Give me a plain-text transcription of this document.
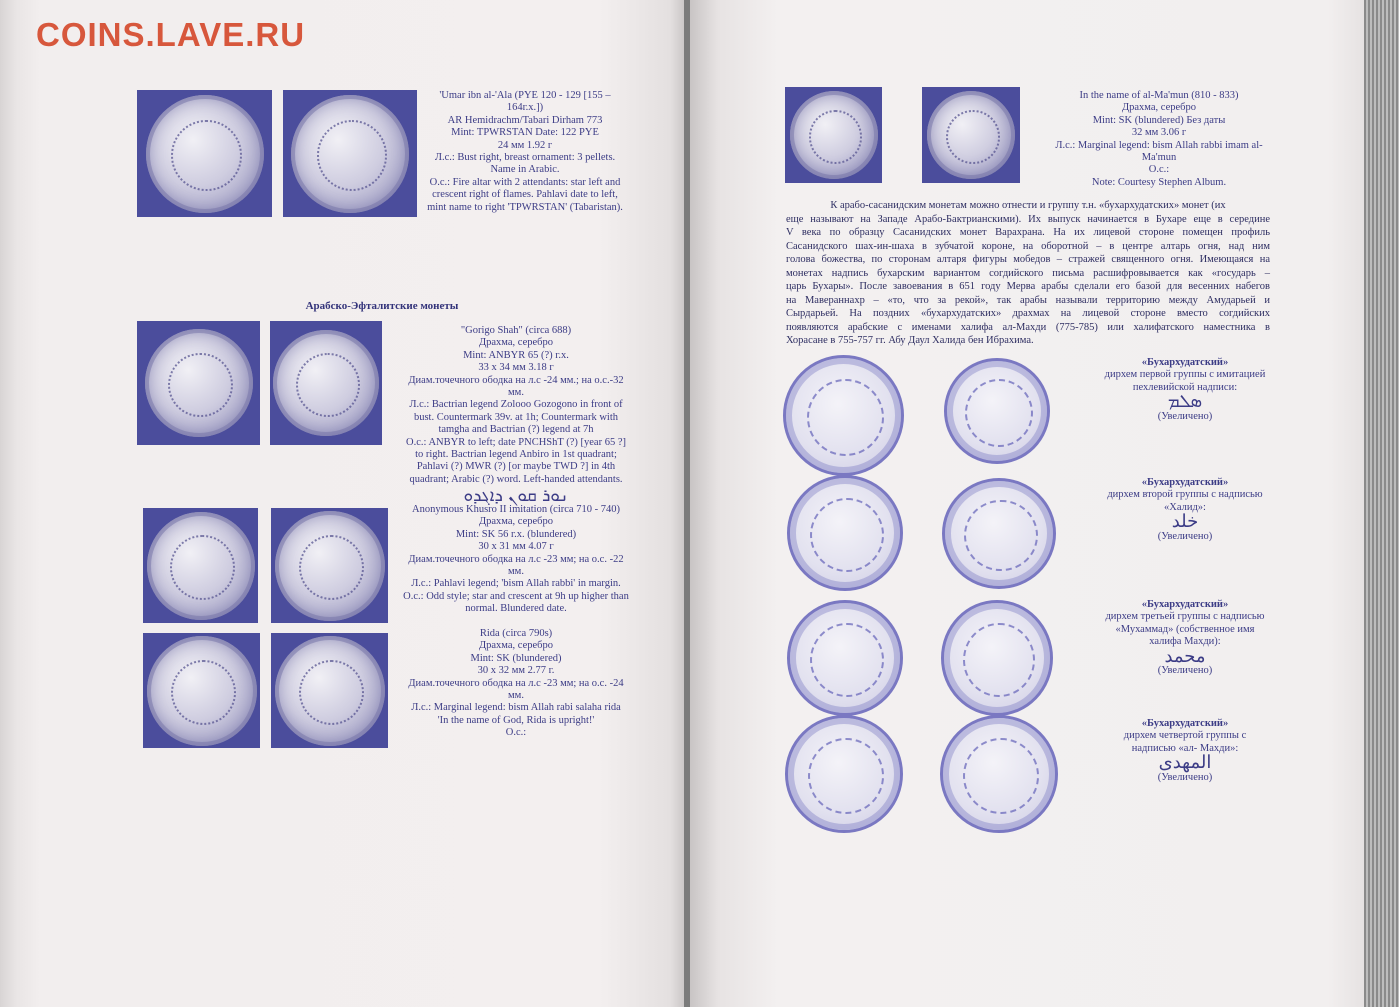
COINS.LAVE.RU
'Umar ibn al-'Ala (PYE 120 - 129 [155 –
164г.х.])
AR Hemidrachm/Tabari Dirham 773
Mint: TPWRSTAN Date: 122 PYE
24 мм 1.92 г
Л.с.: Bust right, breast ornament: 3 pellets.
Name in Arabic.
O.c.: Fire altar with 2 attendants: star left and
crescent right of flames. Pahlavi date to left,
mint name to right 'TPWRSTAN' (Tabaristan).
Арабско-Эфталитские монеты
"Gorigo Shah" (circa 688)
Драхма, серебро
Mint: ANBYR 65 (?) г.х.
33 х 34 мм 3.18 г
Диам.точечного ободка на л.с -24 мм.; на о.с.-32
мм.
Л.с.: Bactrian legend Zolooo Gozogono in front of
bust. Countermark 39v. at 1h; Countermark with
tamgha and Bactrian (?) legend at 7h
O.c.: ANBYR to left; date PNCHShT (?) [year 65 ?]
to right. Bactrian legend Anbiro in 1st quadrant;
Pahlavi (?) MWR (?) [or maybe TWD ?] in 4th
quadrant; Arabic (?) word. Left-handed attendants.
ܢܘܪ ܩܘܢ ܕܐܓܕܘ
Anonymous Khusro II imitation (circa 710 - 740)
Драхма, серебро
Mint: SK 56 г.х. (blundered)
30 х 31 мм 4.07 г
Диам.точечного ободка на л.с -23 мм; на о.с. -22
мм.
Л.с.: Pahlavi legend; 'bism Allah rabbi' in margin.
O.c.: Odd style; star and crescent at 9h up higher than
normal. Blundered date.
Rida (circa 790s)
Драхма, серебро
Mint: SK (blundered)
30 х 32 мм 2.77 г.
Диам.точечного ободка на л.с -23 мм; на о.с. -24
мм.
Л.с.: Marginal legend: bism Allah rabi salaha rida
'In the name of God, Rida is upright!'
O.c.:
In the name of al-Ma'mun (810 - 833)
Драхма, серебро
Mint: SK (blundered) Без даты
32 мм 3.06 г
Л.с.: Marginal legend: bism Allah rabbi imam al-
Ma'mun
O.c.:
Note: Courtesy Stephen Album.
К арабо-сасанидским монетам можно отнести и группу т.н. «бухархудатских» монет (их
еще называют на Западе Арабо-Бактрианскими). Их выпуск начинается в Бухаре еще в середине
V века по образцу Сасанидских монет Варахрана. На их лицевой стороне помещен профиль
Сасанидского шах-ин-шаха в зубчатой короне, на оборотной – в центре алтарь огня, над ним
голова божества, по сторонам алтаря фигуры мобедов – стражей священного огня. Имеющаяся на
монетах надпись бухарским вариантом согдийского письма расшифровывается как «государь –
царь Бухары». После завоевания в 651 году Мерва арабы сделали его базой для весенних набегов
на Мавераннахр – «то, что за рекой», так арабы называли территорию между Амударьей и
Сырдарьей. На поздних «бухархудатских» драхмах на лицевой стороне вместо согдийских
появляются арабские с именами халифа ал-Махди (775-785) или халифатского наместника в
Хорасане в 755-757 гг. Абу Даул Халида бен Ибрахима.
«Бухархудатский»
дирхем первой группы с имитацией
пехлевийской надписи:
ܣܠܡ
(Увеличено)
«Бухархудатский»
дирхем второй группы с надписью
«Халид»:
خلد
(Увеличено)
«Бухархудатский»
дирхем третьей группы с надписью
«Мухаммад» (собственное имя
халифа Махди):
محمد
(Увеличено)
«Бухархудатский»
дирхем четвертой группы с
надписью «ал- Махди»:
المهدى
(Увеличено)
